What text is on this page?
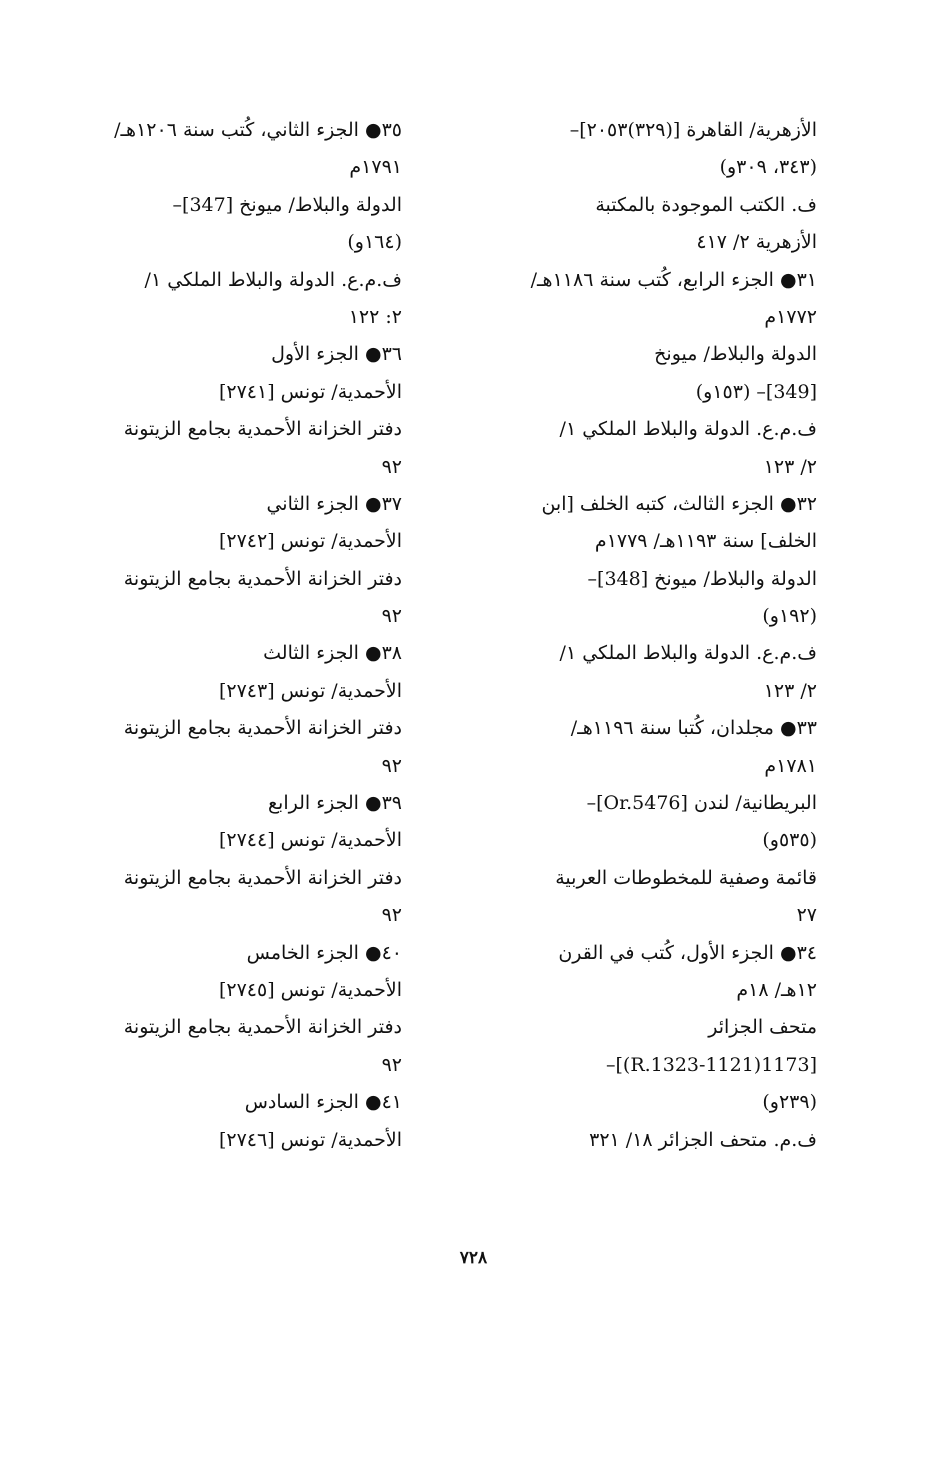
الأزهرية/ القاهرة [(٣٢٩)٢٠٥٣]–
(٣٤٣، ٣٠٩و)
ف. الكتب الموجودة بالمكتبة
الأزهرية ٢/ ٤١٧
٣١● الجزء الرابع، كُتب سنة ١١٨٦هـ/
١٧٧٢م
الدولة والبلاط/ ميونخ
[349]– (١٥٣و)
ف.م.ع. الدولة والبلاط الملكي ١/
٢/ ١٢٣
٣٢● الجزء الثالث، كتبه الخلف [ابن
الخلف] سنة ١١٩٣هـ/ ١٧٧٩م
الدولة والبلاط/ ميونخ [348]–
(١٩٢و)
ف.م.ع. الدولة والبلاط الملكي ١/
٢/ ١٢٣
٣٣● مجلدان، كُتبا سنة ١١٩٦هـ/
١٧٨١م
البريطانية/ لندن [Or.5476]–
(٥٣٥و)
قائمة وصفية للمخطوطات العربية
٢٧
٣٤● الجزء الأول، كُتب في القرن
١٢هـ/ ١٨م
متحف الجزائر
[1173(1121-R.1323)]–
(٢٣٩و)
ف.م. متحف الجزائر ١٨/ ٣٢١
٣٥● الجزء الثاني، كُتب سنة ١٢٠٦هـ/
١٧٩١م
الدولة والبلاط/ ميونخ [347]–
(١٦٤و)
ف.م.ع. الدولة والبلاط الملكي ١/
٢: ١٢٢
٣٦● الجزء الأول
الأحمدية/ تونس [٢٧٤١]
دفتر الخزانة الأحمدية بجامع الزيتونة
٩٢
٣٧● الجزء الثاني
الأحمدية/ تونس [٢٧٤٢]
دفتر الخزانة الأحمدية بجامع الزيتونة
٩٢
٣٨● الجزء الثالث
الأحمدية/ تونس [٢٧٤٣]
دفتر الخزانة الأحمدية بجامع الزيتونة
٩٢
٣٩● الجزء الرابع
الأحمدية/ تونس [٢٧٤٤]
دفتر الخزانة الأحمدية بجامع الزيتونة
٩٢
٤٠● الجزء الخامس
الأحمدية/ تونس [٢٧٤٥]
دفتر الخزانة الأحمدية بجامع الزيتونة
٩٢
٤١● الجزء السادس
الأحمدية/ تونس [٢٧٤٦]
٧٢٨
